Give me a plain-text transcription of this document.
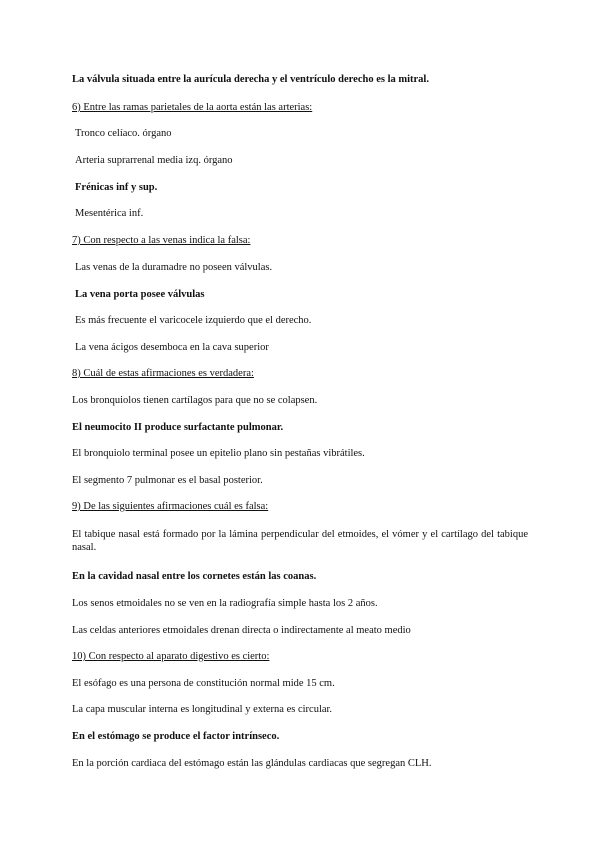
La válvula situada entre la aurícula derecha y el ventrículo derecho es la mitral.
6) Entre las ramas parietales de la aorta están las arterias:
Tronco celíaco. órgano
Arteria suprarrenal media izq. órgano
Frénicas inf y sup.
Mesentérica inf.
7) Con respecto a las venas indica la falsa:
Las venas de la duramadre no poseen válvulas.
La vena porta posee válvulas
Es más frecuente el varicocele izquierdo que el derecho.
La vena ácigos desemboca en la cava superior
8) Cuál de estas afirmaciones es verdadera:
Los bronquiolos tienen cartílagos para que no se colapsen.
El neumocito II produce surfactante pulmonar.
El bronquiolo terminal posee un epitelio plano sin pestañas vibrátiles.
El segmento 7 pulmonar es el basal posterior.
9) De las siguientes afirmaciones cuál es falsa:
El tabique nasal está formado por la lámina perpendicular del etmoides, el vómer y el cartílago del tabique nasal.
En la cavidad nasal entre los cornetes están las coanas.
Los senos etmoidales no se ven en la radiografía simple hasta los 2 años.
Las celdas anteriores etmoidales drenan directa o indirectamente al meato medio
10) Con respecto al aparato digestivo es cierto:
El esófago es una persona de constitución normal mide 15 cm.
La capa muscular interna es longitudinal y externa es circular.
En el estómago se produce el factor intrínseco.
En la porción cardiaca del estómago están las glándulas cardiacas que segregan CLH.
